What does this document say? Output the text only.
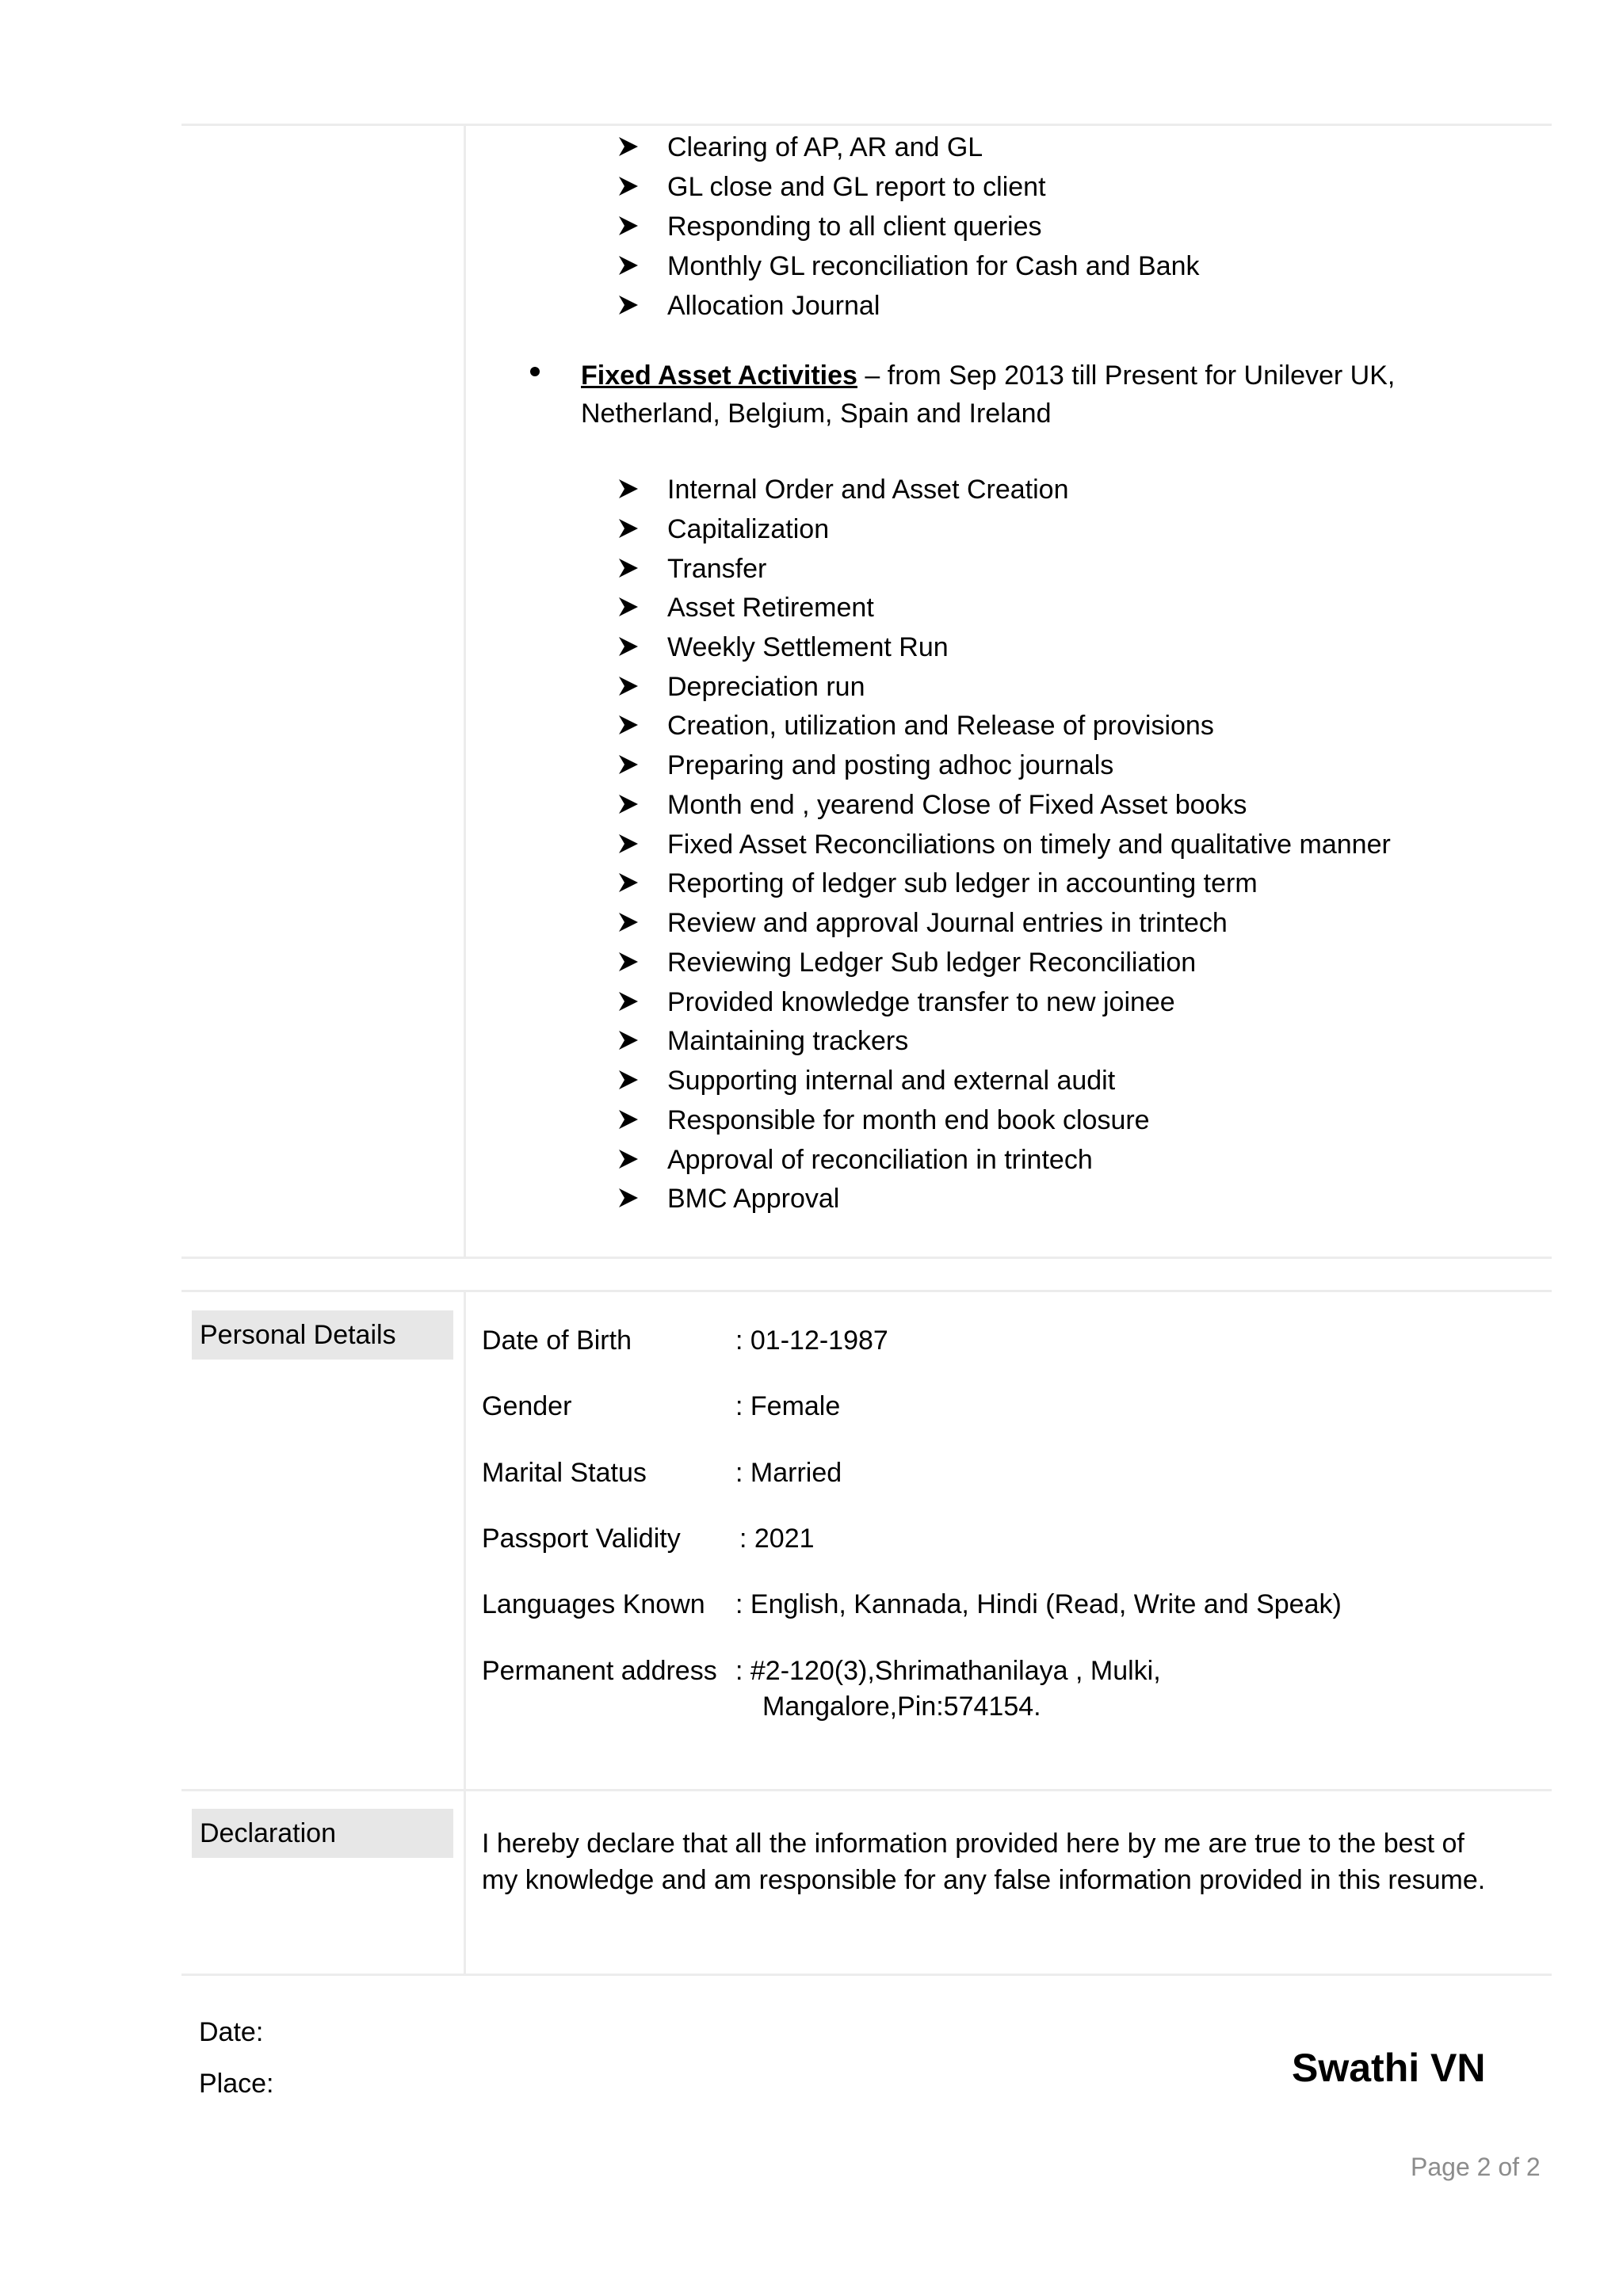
Clearing of AP, AR and GL
GL close and GL report to client
Responding to all client queries
Monthly GL reconciliation for Cash and Bank
Allocation Journal
Fixed Asset Activities – from Sep 2013 till Present for Unilever UK,
Netherland, Belgium, Spain and Ireland
Internal Order and Asset Creation
Capitalization
Transfer
Asset Retirement
Weekly Settlement Run
Depreciation run
Creation, utilization and Release of provisions
Preparing and posting adhoc journals
Month end , yearend Close of Fixed Asset books
Fixed Asset Reconciliations on timely and qualitative manner
Reporting of ledger sub ledger in accounting term
Review and approval Journal entries in trintech
Reviewing Ledger Sub ledger Reconciliation
Provided knowledge transfer to new joinee
Maintaining trackers
Supporting internal and external audit
Responsible for month end book closure
Approval of reconciliation in trintech
BMC Approval
Personal Details	Date of Birth	: 01-12-1987
Gender	: Female
Marital Status	: Married
Passport Validity : 2021
Languages Known : English, Kannada, Hindi (Read, Write and Speak)
Permanent address : #2-120(3),Shrimathanilaya , Mulki,
Mangalore,Pin:574154.
Declaration	I hereby declare that all the information provided here by me are true to the best of
my knowledge and am responsible for any false information provided in this resume.
Date:
Place:	Swathi VN
Page 2 of 2
